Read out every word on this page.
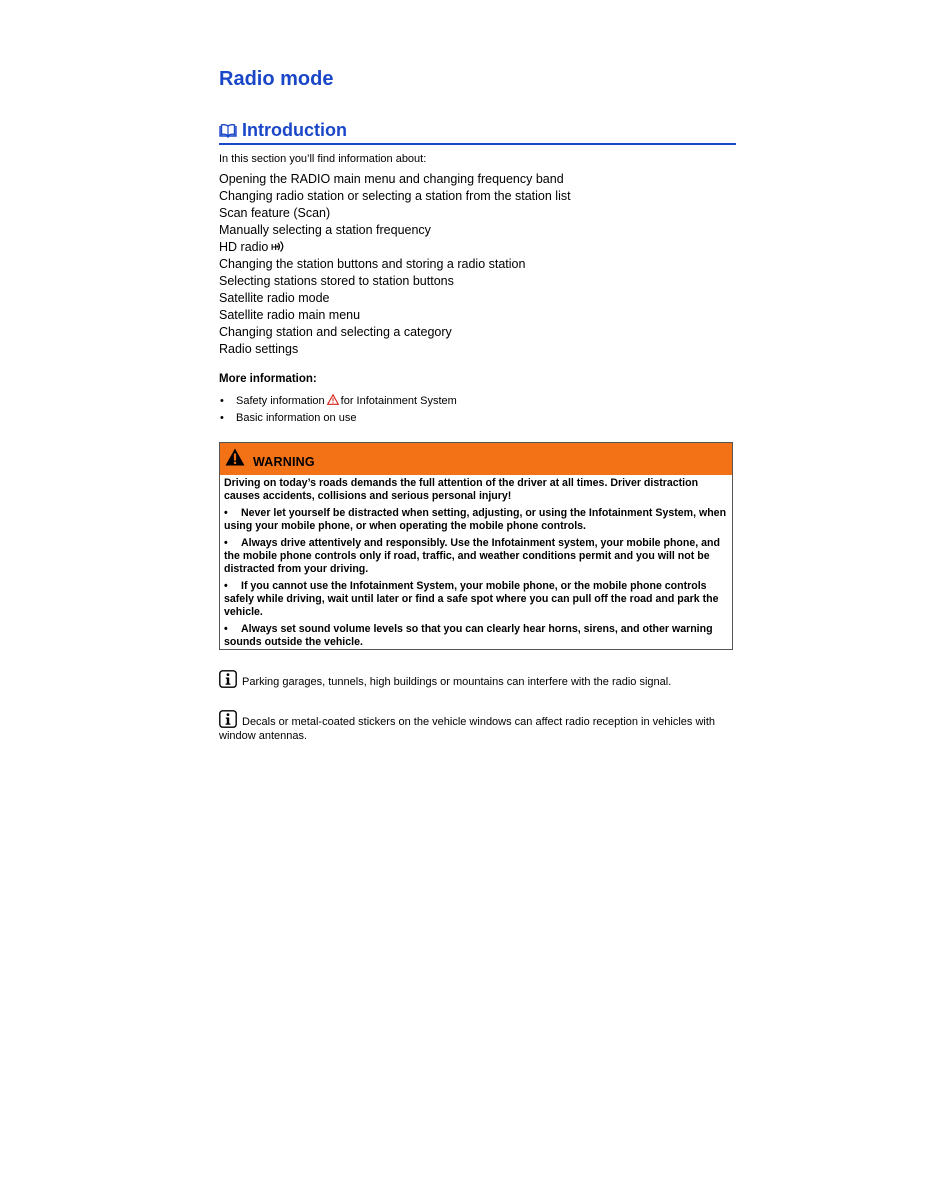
Radio mode
Introduction

In this section you’ll find information about:

Opening the RADIO main menu and changing frequency band
Changing radio station or selecting a station from the station list
Scan feature (Scan)
Manually selecting a station frequency
HD radio H
Changing the station buttons and storing a radio station
Selecting stations stored to station buttons
Satellite radio mode
Satellite radio main menu
Changing station and selecting a category
Radio settings
More information:
• Safety information for Infotainment System
• Basic information on use

WARNING

Driving on today’s roads demands the full attention of the driver at all times. Driver distraction causes accidents, collisions and serious personal injury!

• Never let yourself be distracted when setting, adjusting, or using the Infotainment System, when using your mobile phone, or when operating the mobile phone controls.

• Always drive attentively and responsibly. Use the Infotainment system, your mobile phone, and the mobile phone controls only if road, traffic, and weather conditions permit and you will not be distracted from your driving.

• If you cannot use the Infotainment System, your mobile phone, or the mobile phone controls safely while driving, wait until later or find a safe spot where you can pull off the road and park the vehicle.

• Always set sound volume levels so that you can clearly hear horns, sirens, and other warning sounds outside the vehicle.

Parking garages, tunnels, high buildings or mountains can interfere with the radio signal.

Decals or metal-coated stickers on the vehicle windows can affect radio reception in vehicles with window antennas.
